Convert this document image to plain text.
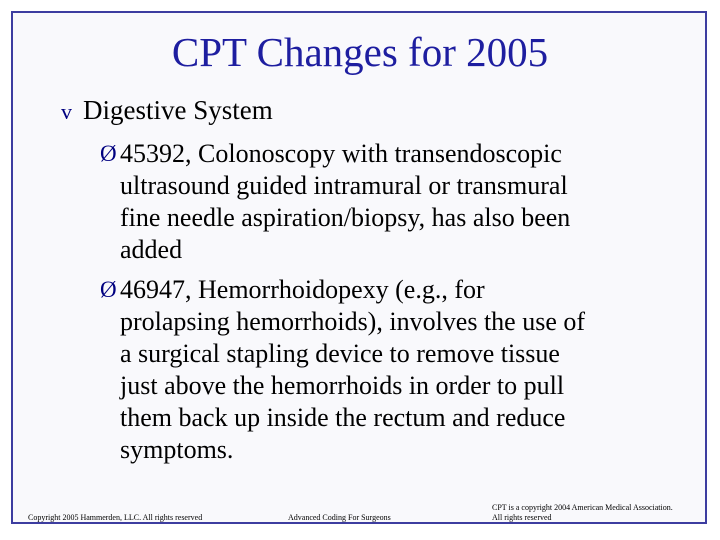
CPT Changes for 2005
v Digestive System
Ø 45392, Colonoscopy with transendoscopic
ultrasound guided intramural or transmural
fine needle aspiration/biopsy, has also been
added
Ø 46947, Hemorrhoidopexy (e.g., for
prolapsing hemorrhoids), involves the use of
a surgical stapling device to remove tissue
just above the hemorrhoids in order to pull
them back up inside the rectum and reduce
symptoms.
Copyright 2005 Hammerden, LLC. All rights reserved	Advanced Coding For Surgeons
CPT is a copyright 2004 American Medical Association.
All rights reserved
